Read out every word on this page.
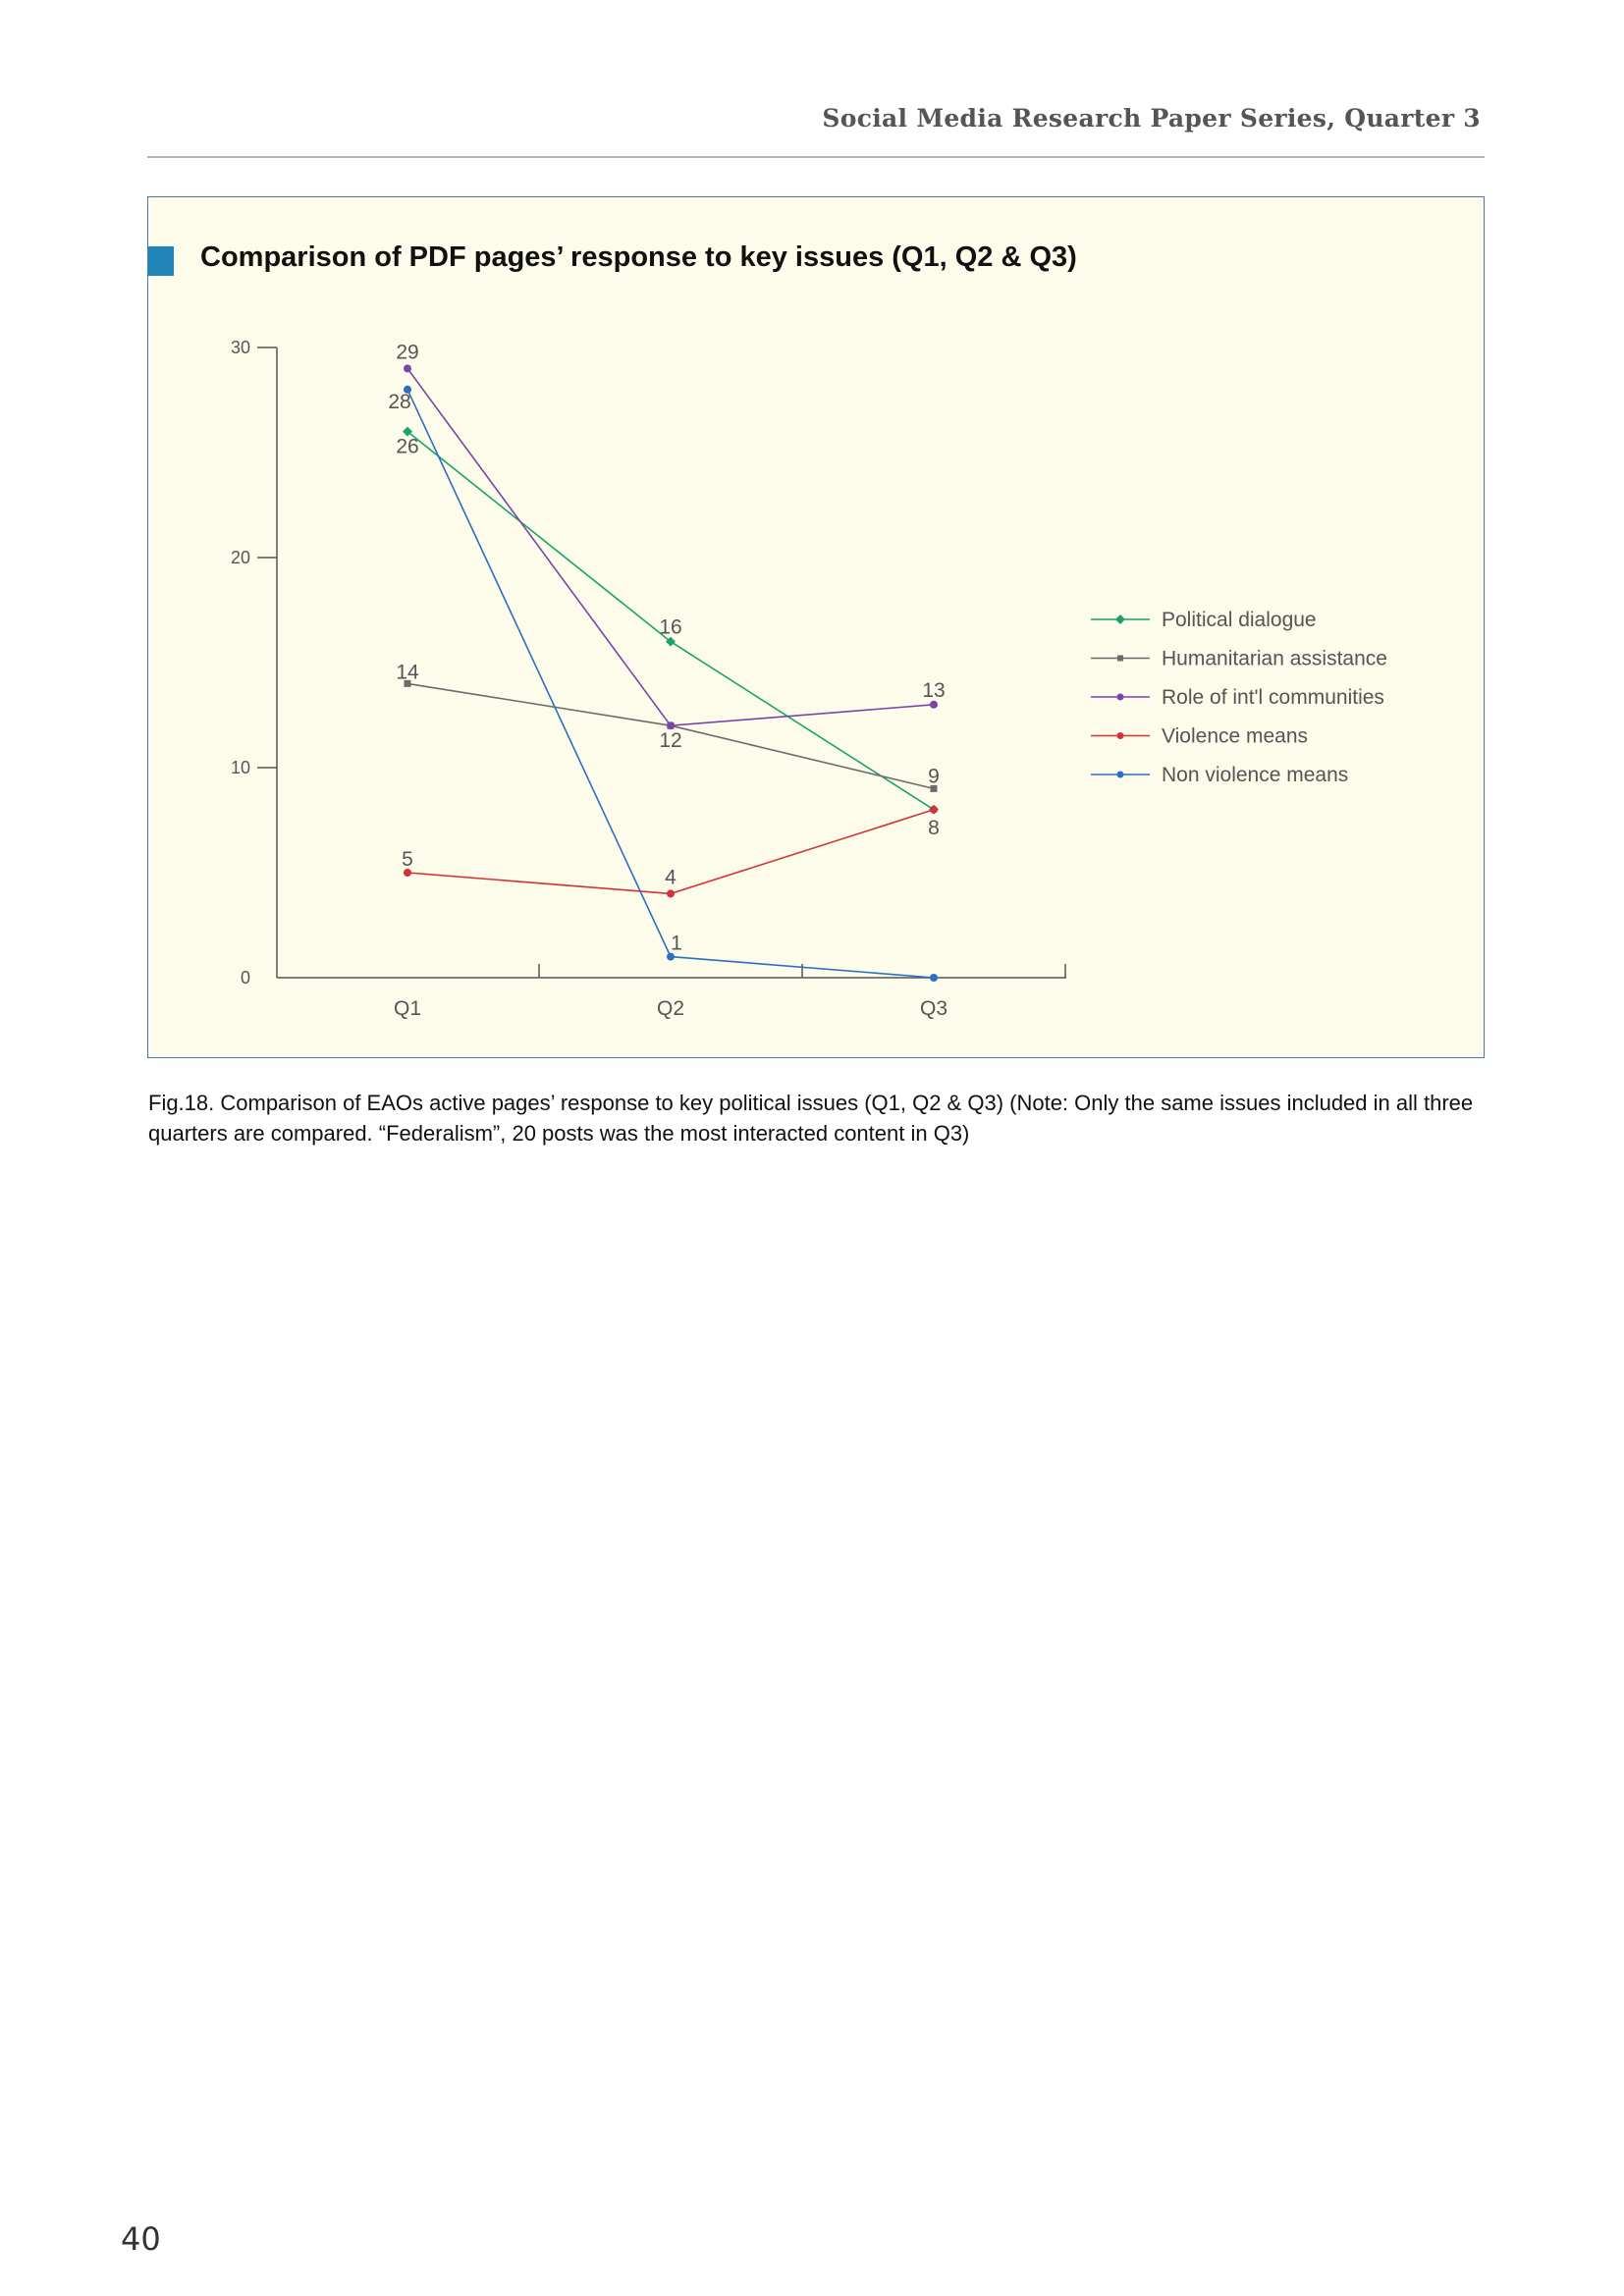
Social Media Research Paper Series, Quarter 3
Comparison of PDF pages’ response to key issues (Q1, Q2 & Q3)
0
10
20
30
Q1	Q2	Q3
29
28
26
14
5
16
12
4
1
13
9
8
Political dialogue
Humanitarian assistance
Role of int'l communities
Violence means
Non violence means
Fig.18. Comparison of EAOs active pages’ response to key political issues (Q1, Q2 & Q3) (Note: Only the same issues included in all three quarters are compared. “Federalism”, 20 posts was the most interacted content in Q3)
40
